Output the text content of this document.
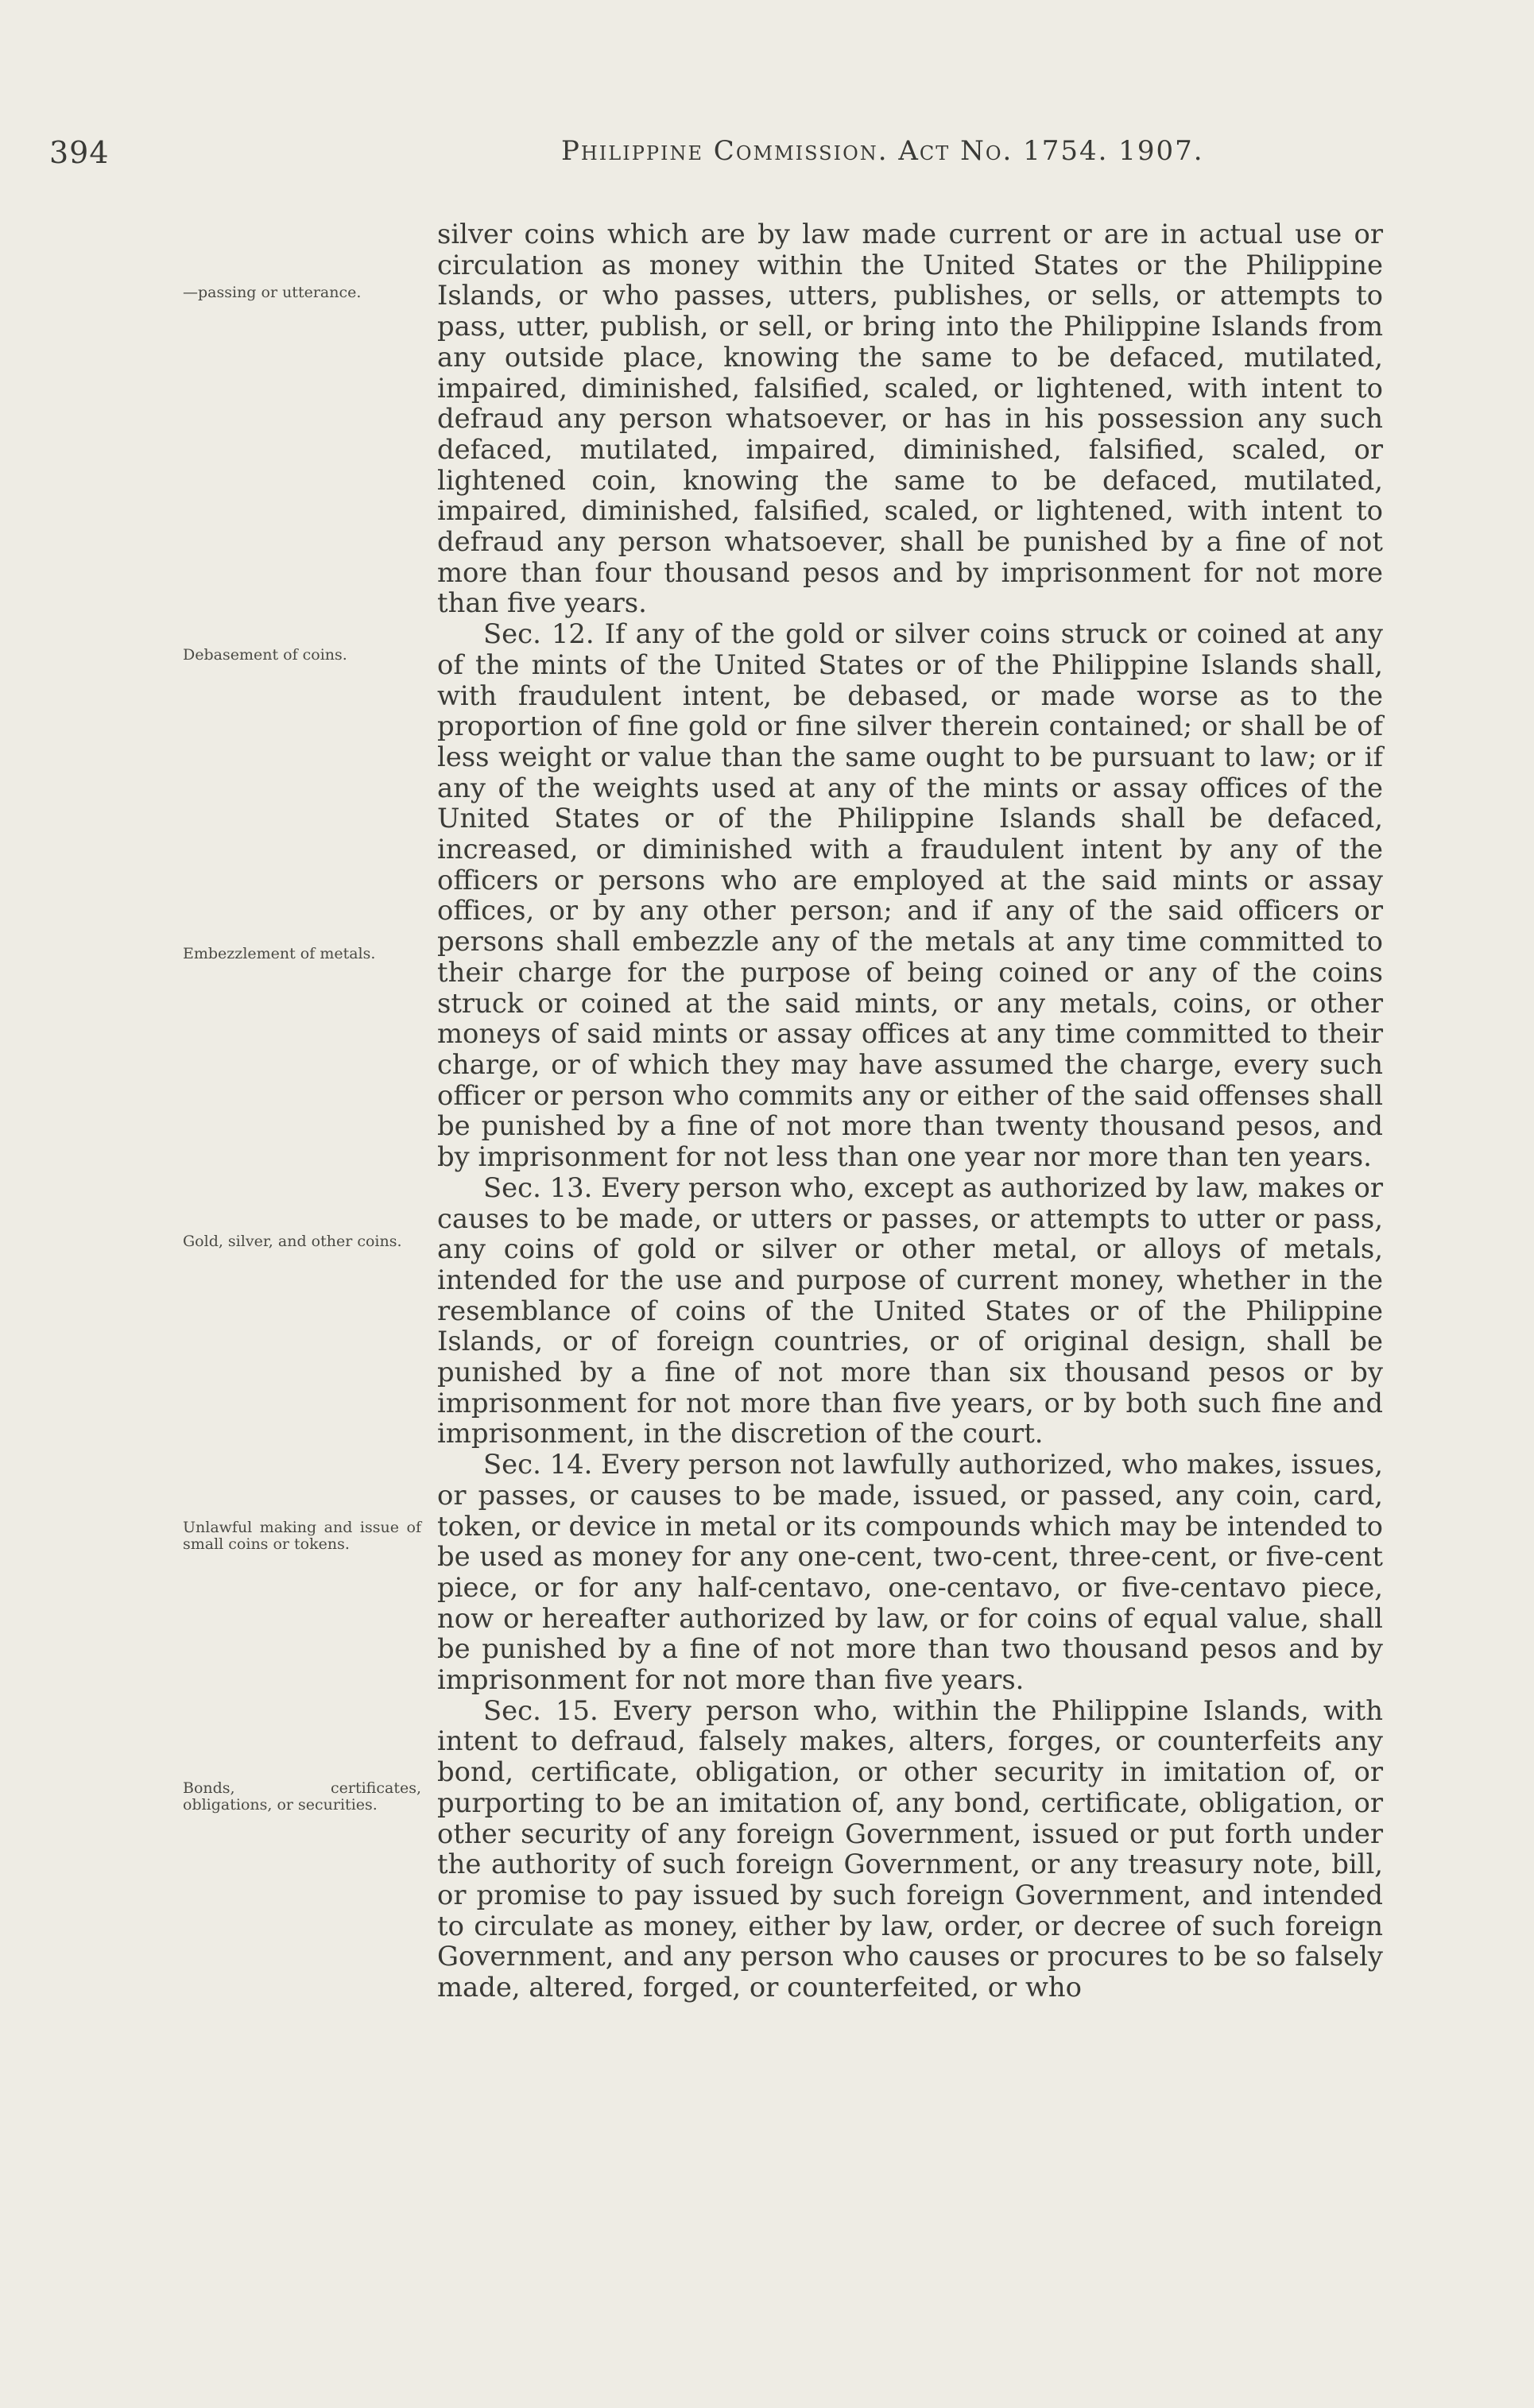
394	Philippine Commission. Act No. 1754. 1907.

silver coins which are by law made current or are in actual use or circulation as money within the United States or the Philippine Islands, or who passes, utters, publishes, or sells, or attempts to pass, utter, publish, or sell, or bring into the Philippine Islands from any outside place, knowing the same to be defaced, mutilated, impaired, diminished, falsified, scaled, or lightened, with intent to defraud any person whatsoever, or has in his possession any such defaced, mutilated, impaired, diminished, falsified, scaled, or lightened coin, knowing the same to be defaced, mutilated, impaired, diminished, falsified, scaled, or lightened, with intent to defraud any person whatsoever, shall be punished by a fine of not more than four thousand pesos and by imprisonment for not more than five years.

Sec. 12. If any of the gold or silver coins struck or coined at any of the mints of the United States or of the Philippine Islands shall, with fraudulent intent, be debased, or made worse as to the proportion of fine gold or fine silver therein contained; or shall be of less weight or value than the same ought to be pursuant to law; or if any of the weights used at any of the mints or assay offices of the United States or of the Philippine Islands shall be defaced, increased, or diminished with a fraudulent intent by any of the officers or persons who are employed at the said mints or assay offices, or by any other person; and if any of the said officers or persons shall embezzle any of the metals at any time committed to their charge for the purpose of being coined or any of the coins struck or coined at the said mints, or any metals, coins, or other moneys of said mints or assay offices at any time committed to their charge, or of which they may have assumed the charge, every such officer or person who commits any or either of the said offenses shall be punished by a fine of not more than twenty thousand pesos, and by imprisonment for not less than one year nor more than ten years.

Sec. 13. Every person who, except as authorized by law, makes or causes to be made, or utters or passes, or attempts to utter or pass, any coins of gold or silver or other metal, or alloys of metals, intended for the use and purpose of current money, whether in the resemblance of coins of the United States or of the Philippine Islands, or of foreign countries, or of original design, shall be punished by a fine of not more than six thousand pesos or by imprisonment for not more than five years, or by both such fine and imprisonment, in the discretion of the court.

Sec. 14. Every person not lawfully authorized, who makes, issues, or passes, or causes to be made, issued, or passed, any coin, card, token, or device in metal or its compounds which may be intended to be used as money for any one-cent, two-cent, three-cent, or five-cent piece, or for any half-centavo, one-centavo, or five-centavo piece, now or hereafter authorized by law, or for coins of equal value, shall be punished by a fine of not more than two thousand pesos and by imprisonment for not more than five years.

Sec. 15. Every person who, within the Philippine Islands, with intent to defraud, falsely makes, alters, forges, or counterfeits any bond, certificate, obligation, or other security in imitation of, or purporting to be an imitation of, any bond, certificate, obligation, or other security of any foreign Government, issued or put forth under the authority of such foreign Government, or any treasury note, bill, or promise to pay issued by such foreign Government, and intended to circulate as money, either by law, order, or decree of such foreign Government, and any person who causes or procures to be so falsely made, altered, forged, or counterfeited, or who

—passing or utterance.
Debasement of coins.
Embezzlement of metals.
Gold, silver, and other coins.
Unlawful making and issue of small coins or tokens.
Bonds, certificates, obligations, or securities.
